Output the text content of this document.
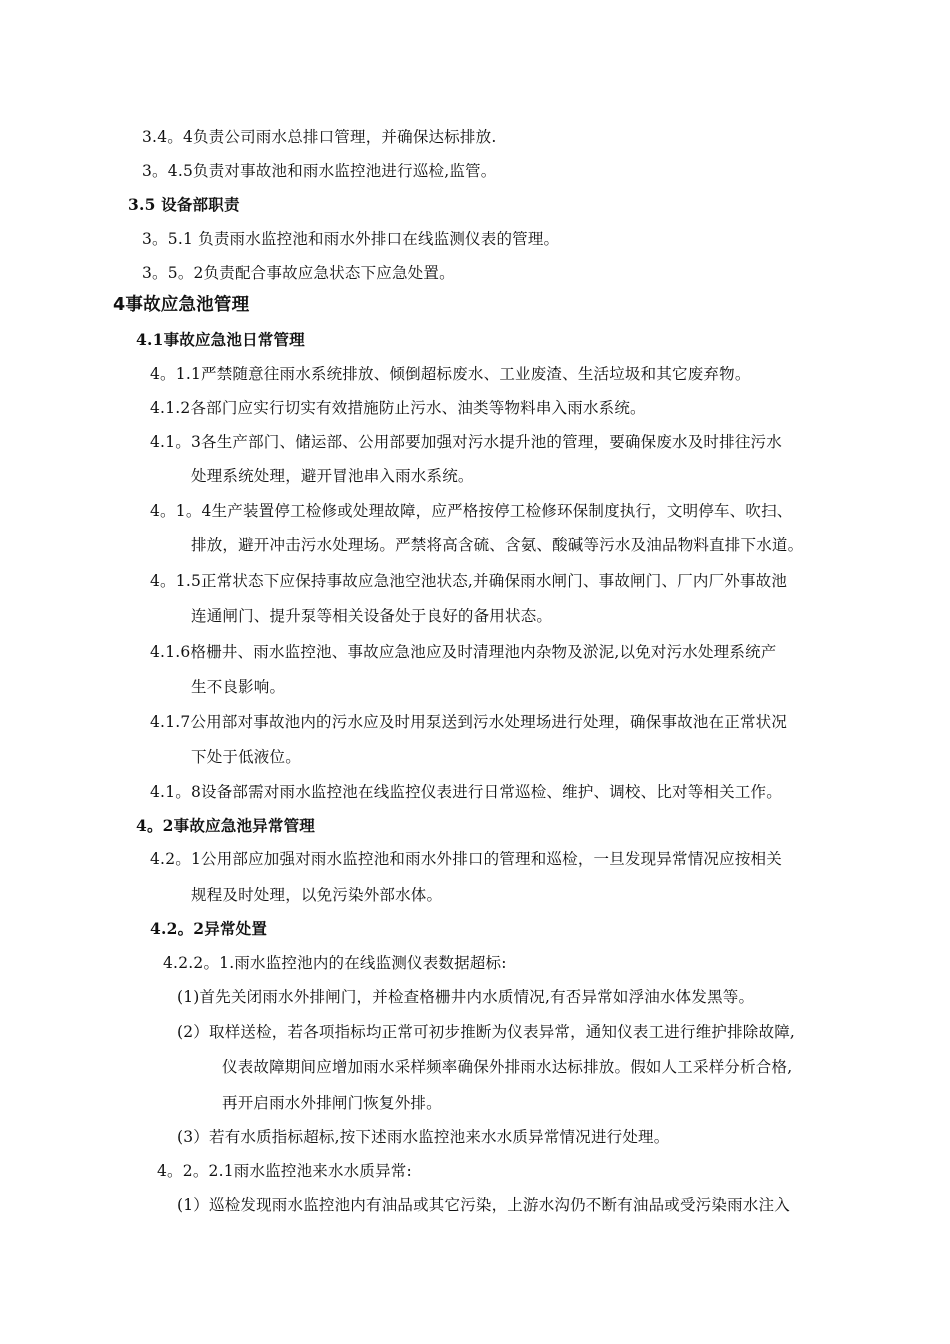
3.4。4负责公司雨水总排口管理，并确保达标排放.
3。4.5负责对事故池和雨水监控池进行巡检,监管。
3.5 设备部职责
3。5.1 负责雨水监控池和雨水外排口在线监测仪表的管理。
3。5。2负责配合事故应急状态下应急处置。
4事故应急池管理
4.1事故应急池日常管理
4。1.1严禁随意往雨水系统排放、倾倒超标废水、工业废渣、生活垃圾和其它废弃物。
4.1.2各部门应实行切实有效措施防止污水、油类等物料串入雨水系统。
4.1。3各生产部门、储运部、公用部要加强对污水提升池的管理，要确保废水及时排往污水
处理系统处理，避开冒池串入雨水系统。
4。1。4生产装置停工检修或处理故障，应严格按停工检修环保制度执行，文明停车、吹扫、
排放，避开冲击污水处理场。严禁将高含硫、含氨、酸碱等污水及油品物料直排下水道。
4。1.5正常状态下应保持事故应急池空池状态,并确保雨水闸门、事故闸门、厂内厂外事故池
连通闸门、提升泵等相关设备处于良好的备用状态。
4.1.6格栅井、雨水监控池、事故应急池应及时清理池内杂物及淤泥,以免对污水处理系统产
生不良影响。
4.1.7公用部对事故池内的污水应及时用泵送到污水处理场进行处理，确保事故池在正常状况
下处于低液位。
4.1。8设备部需对雨水监控池在线监控仪表进行日常巡检、维护、调校、比对等相关工作。
4。2事故应急池异常管理
4.2。1公用部应加强对雨水监控池和雨水外排口的管理和巡检，一旦发现异常情况应按相关
规程及时处理，以免污染外部水体。
4.2。2异常处置
4.2.2。1.雨水监控池内的在线监测仪表数据超标:
(1)首先关闭雨水外排闸门，并检查格栅井内水质情况,有否异常如浮油水体发黑等。
(2）取样送检，若各项指标均正常可初步推断为仪表异常，通知仪表工进行维护排除故障,
仪表故障期间应增加雨水采样频率确保外排雨水达标排放。假如人工采样分析合格,
再开启雨水外排闸门恢复外排。
(3）若有水质指标超标,按下述雨水监控池来水水质异常情况进行处理。
4。2。2.1雨水监控池来水水质异常:
(1）巡检发现雨水监控池内有油品或其它污染，上游水沟仍不断有油品或受污染雨水注入
